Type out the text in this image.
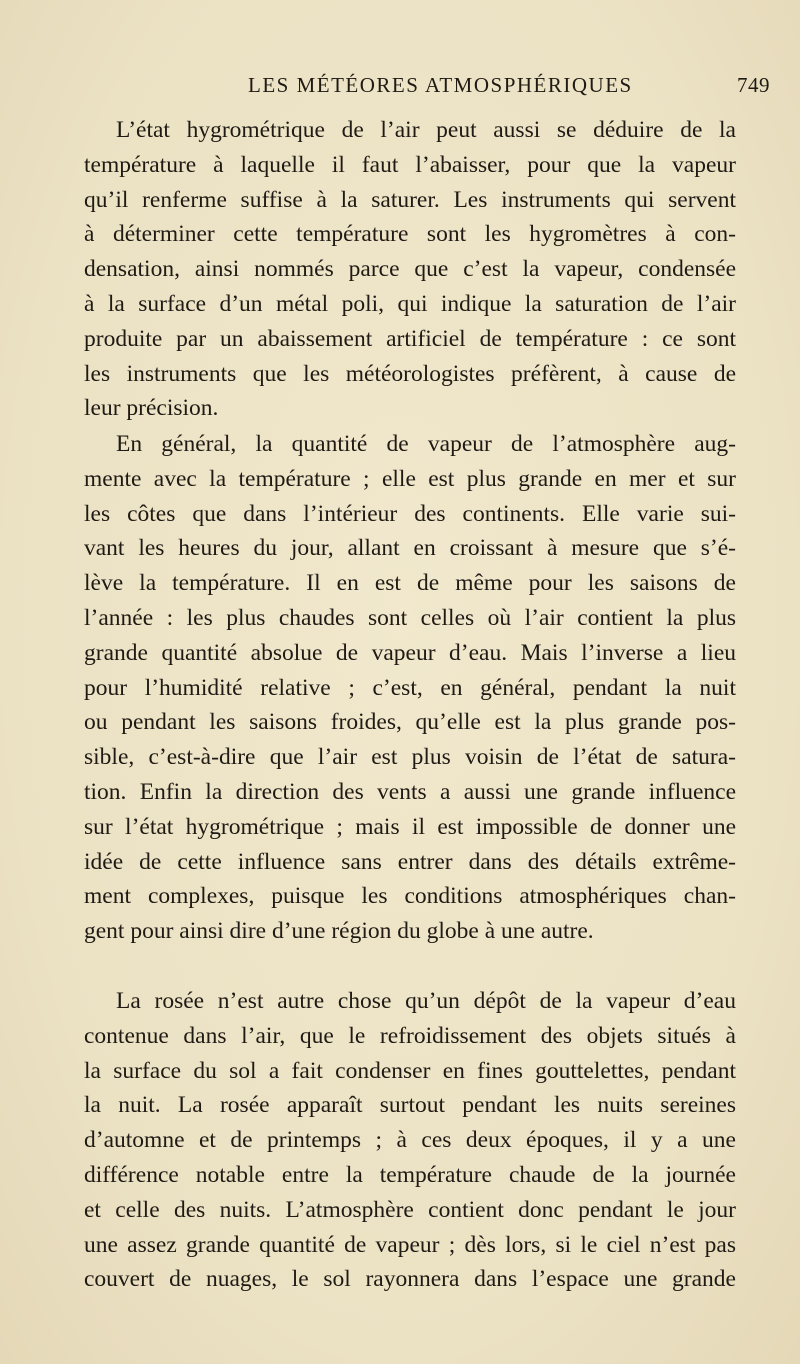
LES MÉTÉORES ATMOSPHÉRIQUES	749
L’état hygrométrique de l’air peut aussi se déduire de la
température à laquelle il faut l’abaisser, pour que la vapeur
qu’il renferme suffise à la saturer. Les instruments qui servent
à déterminer cette température sont les hygromètres à con-
densation, ainsi nommés parce que c’est la vapeur, condensée
à la surface d’un métal poli, qui indique la saturation de l’air
produite par un abaissement artificiel de température : ce sont
les instruments que les météorologistes préfèrent, à cause de
leur précision.
En général, la quantité de vapeur de l’atmosphère aug-
mente avec la température ; elle est plus grande en mer et sur
les côtes que dans l’intérieur des continents. Elle varie sui-
vant les heures du jour, allant en croissant à mesure que s’é-
lève la température. Il en est de même pour les saisons de
l’année : les plus chaudes sont celles où l’air contient la plus
grande quantité absolue de vapeur d’eau. Mais l’inverse a lieu
pour l’humidité relative ; c’est, en général, pendant la nuit
ou pendant les saisons froides, qu’elle est la plus grande pos-
sible, c’est-à-dire que l’air est plus voisin de l’état de satura-
tion. Enfin la direction des vents a aussi une grande influence
sur l’état hygrométrique ; mais il est impossible de donner une
idée de cette influence sans entrer dans des détails extrême-
ment complexes, puisque les conditions atmosphériques chan-
gent pour ainsi dire d’une région du globe à une autre.
La rosée n’est autre chose qu’un dépôt de la vapeur d’eau
contenue dans l’air, que le refroidissement des objets situés à
la surface du sol a fait condenser en fines gouttelettes, pendant
la nuit. La rosée apparaît surtout pendant les nuits sereines
d’automne et de printemps ; à ces deux époques, il y a une
différence notable entre la température chaude de la journée
et celle des nuits. L’atmosphère contient donc pendant le jour
une assez grande quantité de vapeur ; dès lors, si le ciel n’est pas
couvert de nuages, le sol rayonnera dans l’espace une grande
